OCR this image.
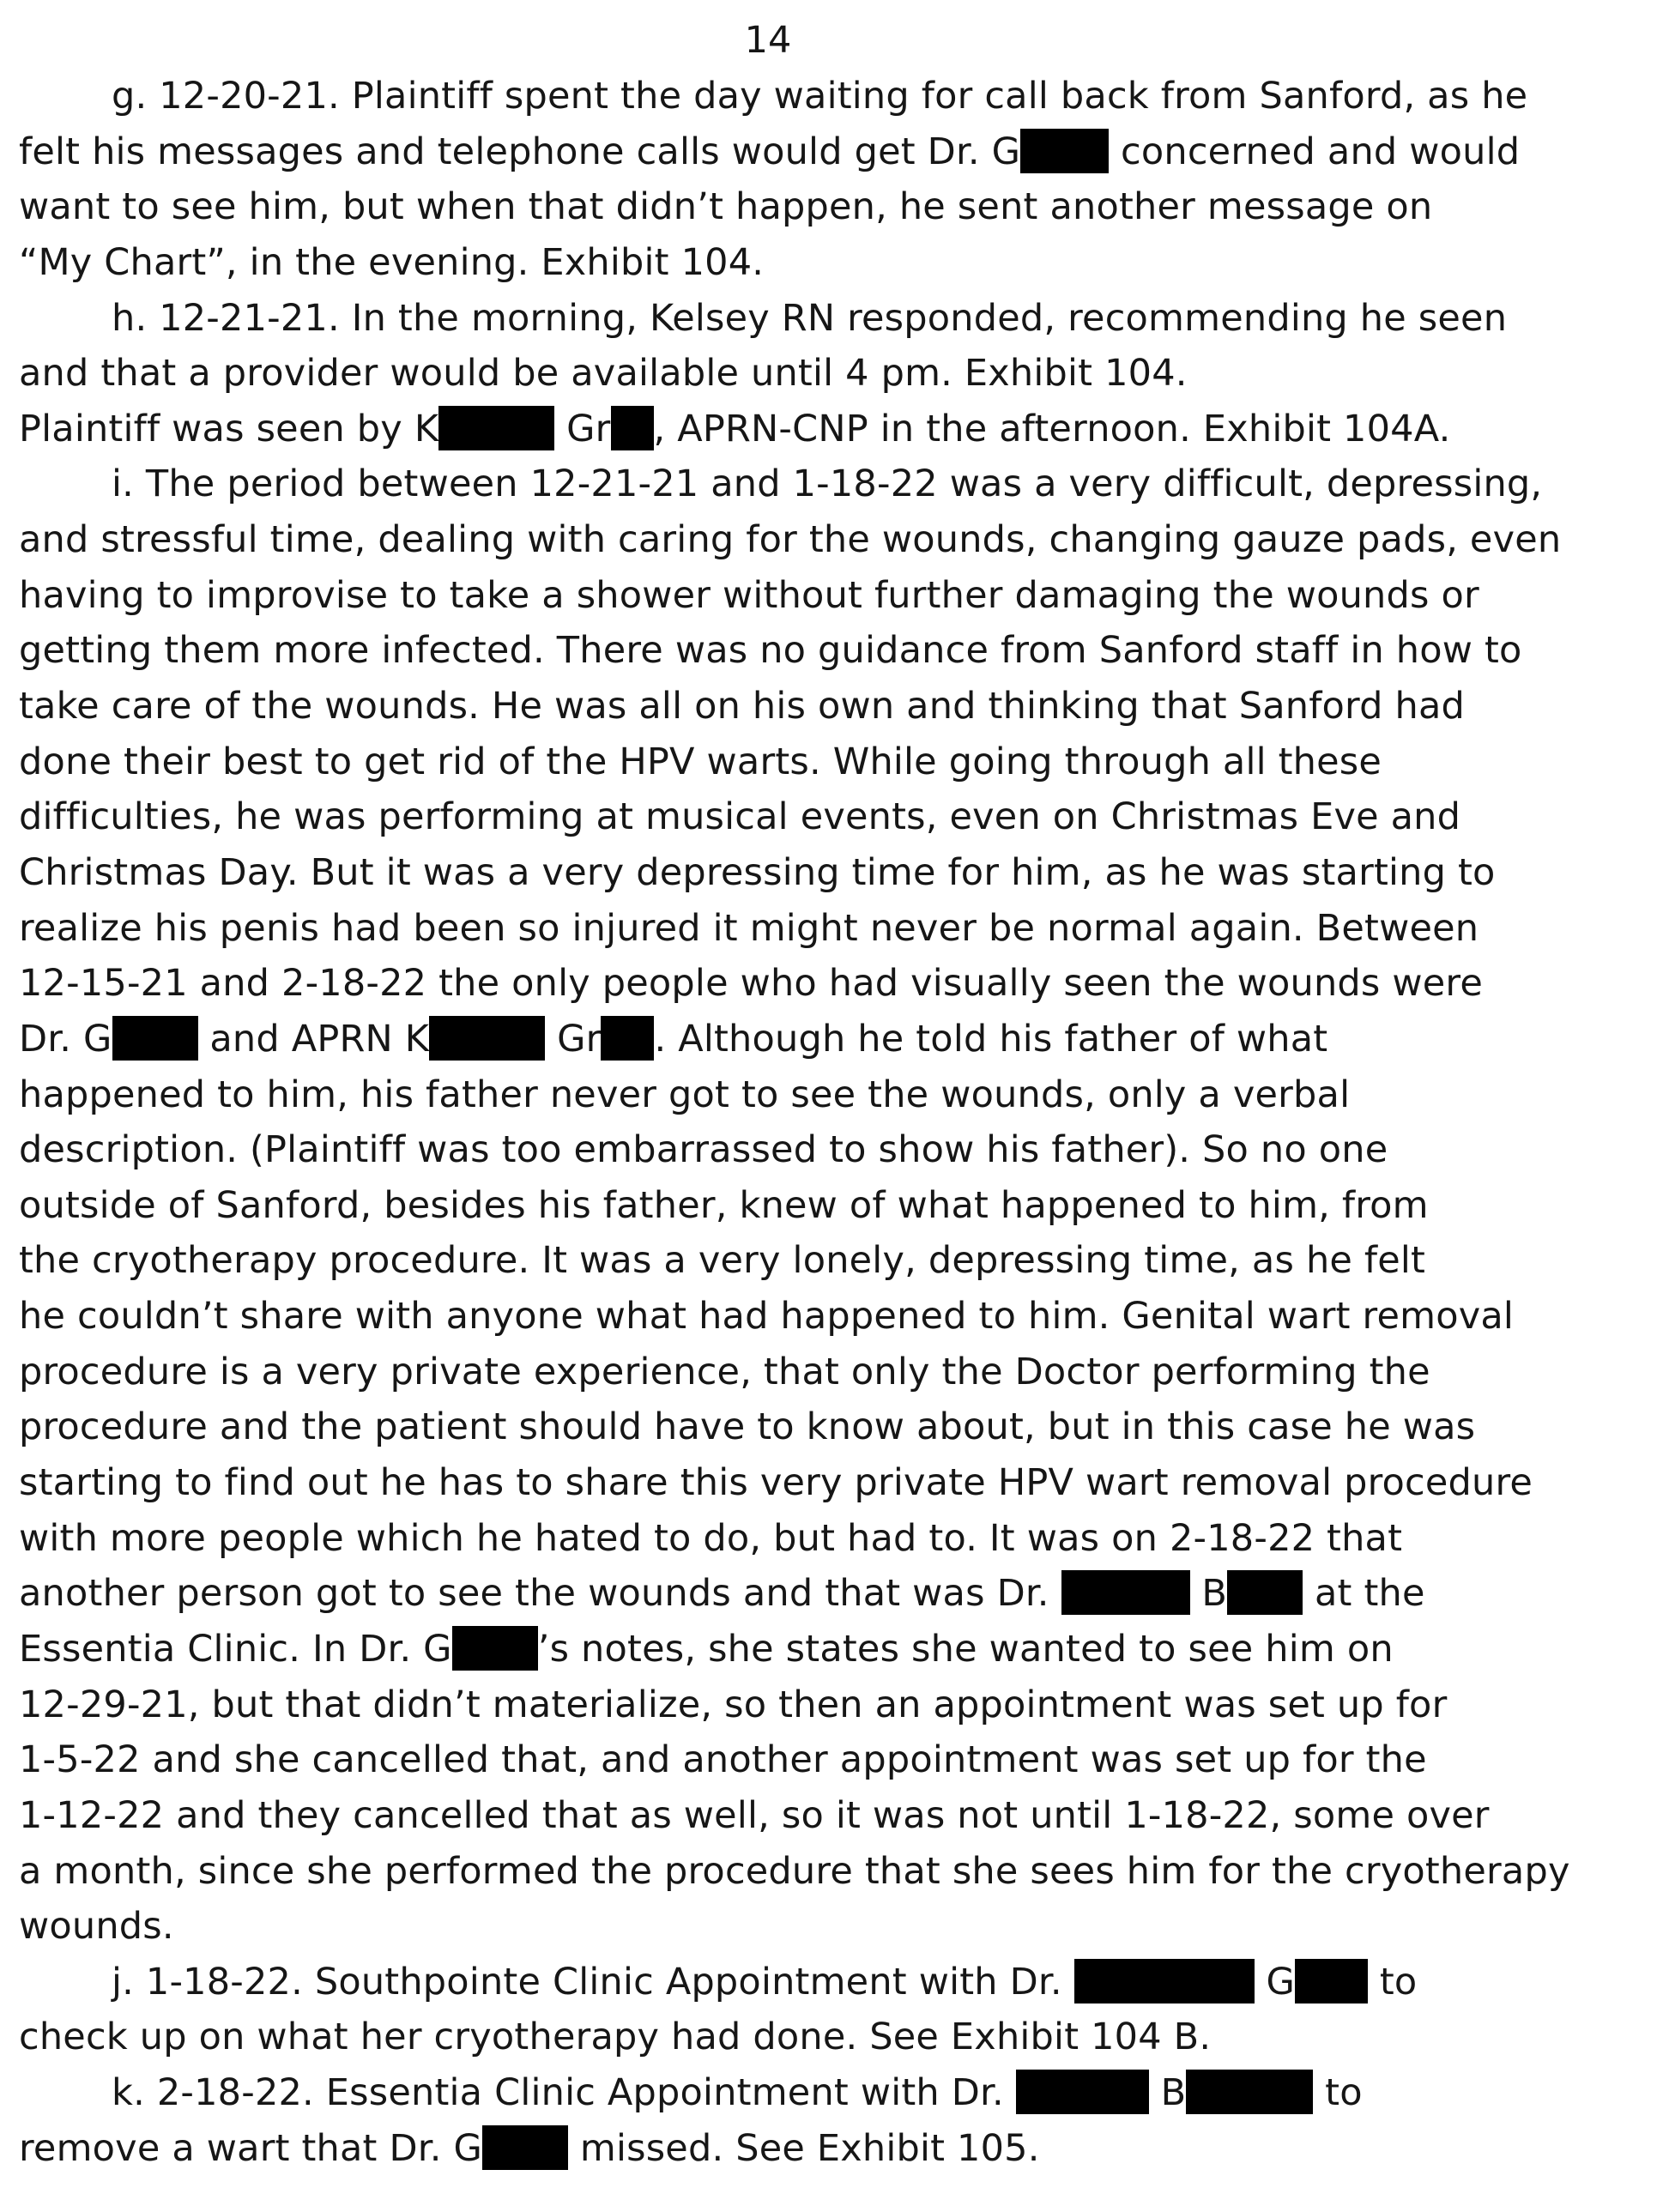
14
g. 12-20-21. Plaintiff spent the day waiting for call back from Sanford, as he
felt his messages and telephone calls would get Dr. G concerned and would
want to see him, but when that didn’t happen, he sent another message on
“My Chart”, in the evening. Exhibit 104.
h. 12-21-21. In the morning, Kelsey RN responded, recommending he seen
and that a provider would be available until 4 pm. Exhibit 104.
Plaintiff was seen by K	Gr , APRN-CNP in the afternoon. Exhibit 104A.
i. The period between 12-21-21 and 1-18-22 was a very difficult, depressing,
and stressful time, dealing with caring for the wounds, changing gauze pads, even
having to improvise to take a shower without further damaging the wounds or
getting them more infected. There was no guidance from Sanford staff in how to
take care of the wounds. He was all on his own and thinking that Sanford had
done their best to get rid of the HPV warts. While going through all these
difficulties, he was performing at musical events, even on Christmas Eve and
Christmas Day. But it was a very depressing time for him, as he was starting to
realize his penis had been so injured it might never be normal again. Between
12-15-21 and 2-18-22 the only people who had visually seen the wounds were
Dr. G and APRN K	Gr . Although he told his father of what
happened to him, his father never got to see the wounds, only a verbal
description. (Plaintiff was too embarrassed to show his father). So no one
outside of Sanford, besides his father, knew of what happened to him, from
the cryotherapy procedure. It was a very lonely, depressing time, as he felt
he couldn’t share with anyone what had happened to him. Genital wart removal
procedure is a very private experience, that only the Doctor performing the
procedure and the patient should have to know about, but in this case he was
starting to find out he has to share this very private HPV wart removal procedure
with more people which he hated to do, but had to. It was on 2-18-22 that
another person got to see the wounds and that was Dr.	B at the
Essentia Clinic. In Dr. G ’s notes, she states she wanted to see him on
12-29-21, but that didn’t materialize, so then an appointment was set up for
1-5-22 and she cancelled that, and another appointment was set up for the
1-12-22 and they cancelled that as well, so it was not until 1-18-22, some over
a month, since she performed the procedure that she sees him for the cryotherapy
wounds.
j. 1-18-22. Southpointe Clinic Appointment with Dr.	G to
check up on what her cryotherapy had done. See Exhibit 104 B.
k. 2-18-22. Essentia Clinic Appointment with Dr.	B	to
remove a wart that Dr. G missed. See Exhibit 105.
